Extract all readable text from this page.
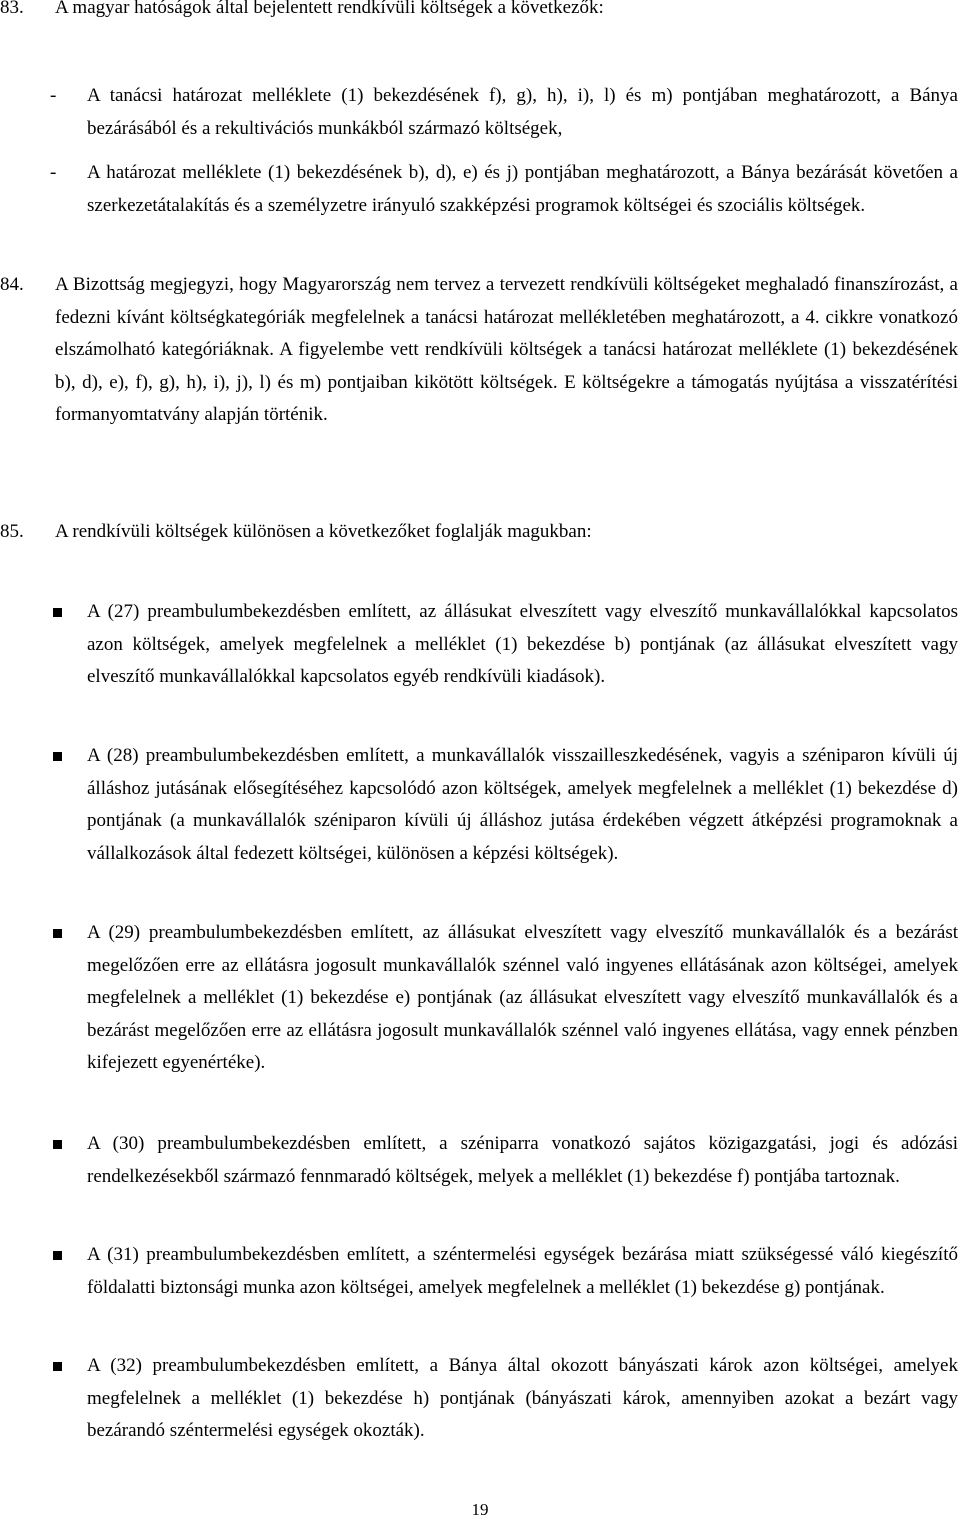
83. A magyar hatóságok által bejelentett rendkívüli költségek a következők:
- A tanácsi határozat melléklete (1) bekezdésének f), g), h), i), l) és m) pontjában meghatározott, a Bánya bezárásából és a rekultivációs munkákból származó költségek,
- A határozat melléklete (1) bekezdésének b), d), e) és j) pontjában meghatározott, a Bánya bezárását követően a szerkezetátalakítás és a személyzetre irányuló szakképzési programok költségei és szociális költségek.
84. A Bizottság megjegyzi, hogy Magyarország nem tervez a tervezett rendkívüli költségeket meghaladó finanszírozást, a fedezni kívánt költségkategóriák megfelelnek a tanácsi határozat mellékletében meghatározott, a 4. cikkre vonatkozó elszámolható kategóriáknak. A figyelembe vett rendkívüli költségek a tanácsi határozat melléklete (1) bekezdésének b), d), e), f), g), h), i), j), l) és m) pontjaiban kikötött költségek. E költségekre a támogatás nyújtása a visszatérítési formanyomtatvány alapján történik.
85. A rendkívüli költségek különösen a következőket foglalják magukban:
A (27) preambulumbekezdésben említett, az állásukat elveszített vagy elveszítő munkavállalókkal kapcsolatos azon költségek, amelyek megfelelnek a melléklet (1) bekezdése b) pontjának (az állásukat elveszített vagy elveszítő munkavállalókkal kapcsolatos egyéb rendkívüli kiadások).
A (28) preambulumbekezdésben említett, a munkavállalók visszailleszkedésének, vagyis a széniparon kívüli új álláshoz jutásának elősegítéséhez kapcsolódó azon költségek, amelyek megfelelnek a melléklet (1) bekezdése d) pontjának (a munkavállalók széniparon kívüli új álláshoz jutása érdekében végzett átképzési programoknak a vállalkozások által fedezett költségei, különösen a képzési költségek).
A (29) preambulumbekezdésben említett, az állásukat elveszített vagy elveszítő munkavállalók és a bezárást megelőzően erre az ellátásra jogosult munkavállalók szénnel való ingyenes ellátásának azon költségei, amelyek megfelelnek a melléklet (1) bekezdése e) pontjának (az állásukat elveszített vagy elveszítő munkavállalók és a bezárást megelőzően erre az ellátásra jogosult munkavállalók szénnel való ingyenes ellátása, vagy ennek pénzben kifejezett egyenértéke).
A (30) preambulumbekezdésben említett, a széniparra vonatkozó sajátos közigazgatási, jogi és adózási rendelkezésekből származó fennmaradó költségek, melyek a melléklet (1) bekezdése f) pontjába tartoznak.
A (31) preambulumbekezdésben említett, a széntermelési egységek bezárása miatt szükségessé váló kiegészítő földalatti biztonsági munka azon költségei, amelyek megfelelnek a melléklet (1) bekezdése g) pontjának.
A (32) preambulumbekezdésben említett, a Bánya által okozott bányászati károk azon költségei, amelyek megfelelnek a melléklet (1) bekezdése h) pontjának (bányászati károk, amennyiben azokat a bezárt vagy bezárandó széntermelési egységek okozták).
19
